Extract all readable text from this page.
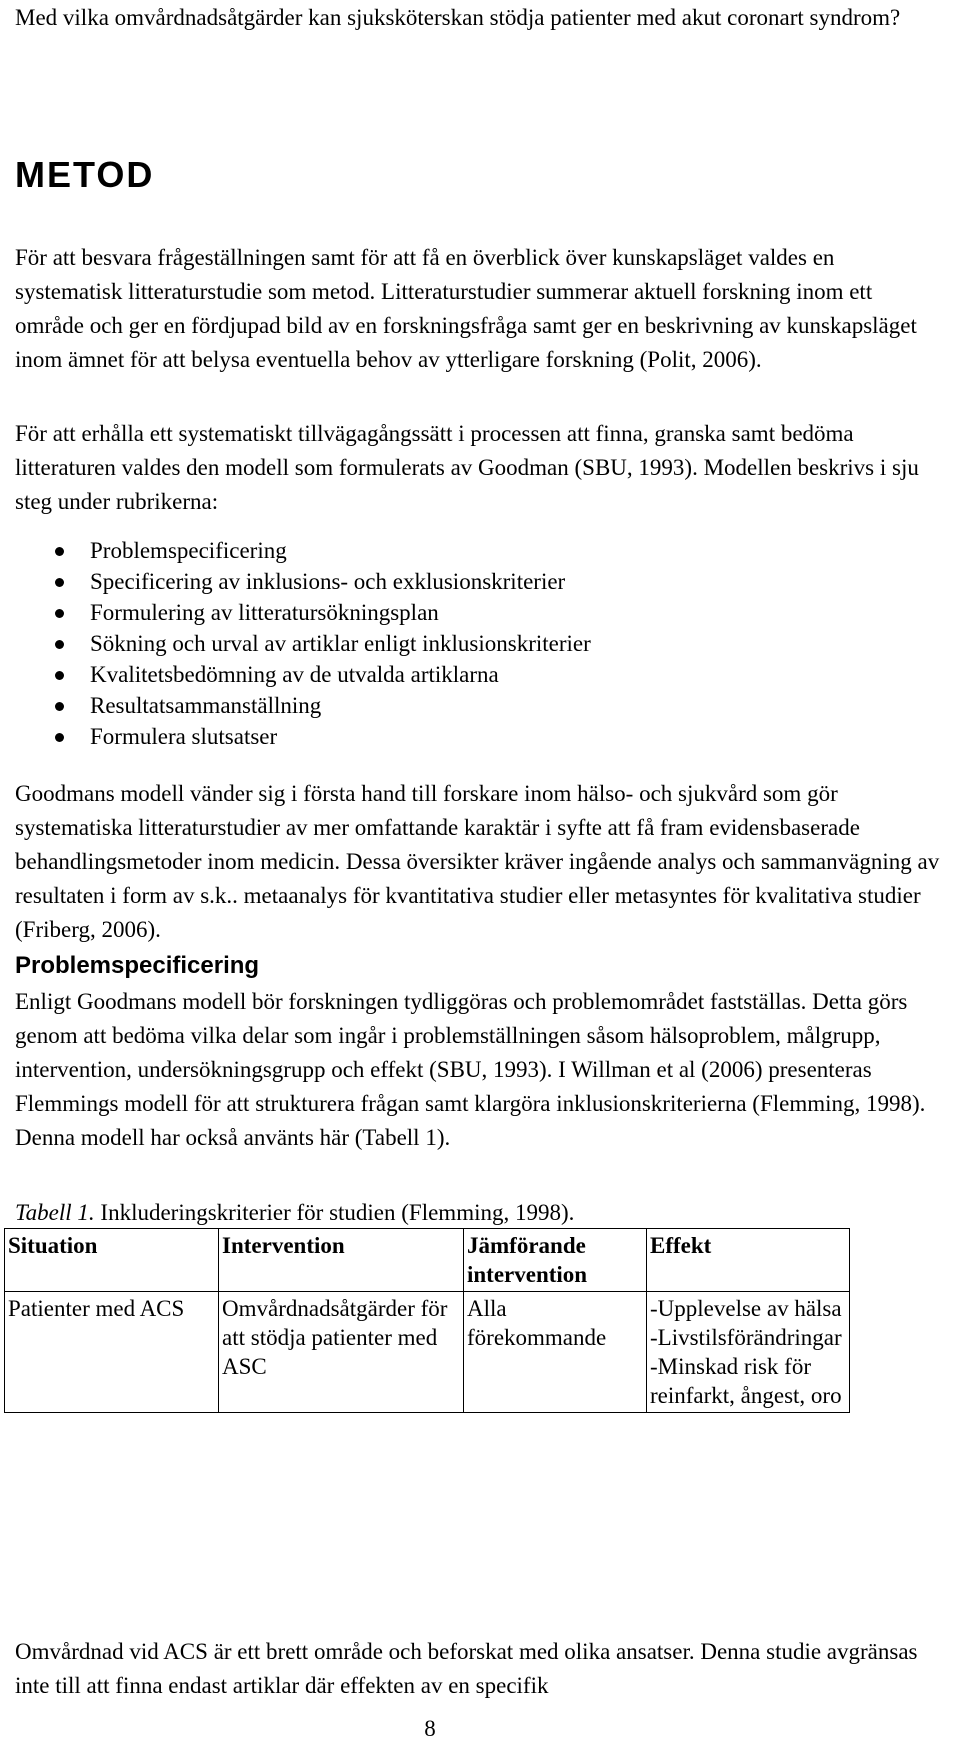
Med vilka omvårdnadsåtgärder kan sjuksköterskan stödja patienter med akut coronart syndrom?

METOD

För att besvara frågeställningen samt för att få en överblick över kunskapsläget valdes en systematisk litteraturstudie som metod. Litteraturstudier summerar aktuell forskning inom ett område och ger en fördjupad bild av en forskningsfråga samt ger en beskrivning av kunskapsläget inom ämnet för att belysa eventuella behov av ytterligare forskning (Polit, 2006).

För att erhålla ett systematiskt tillvägagångssätt i processen att finna, granska samt bedöma litteraturen valdes den modell som formulerats av Goodman (SBU, 1993). Modellen beskrivs i sju steg under rubrikerna:

Problemspecificering
Specificering av inklusions- och exklusionskriterier
Formulering av litteratursökningsplan
Sökning och urval av artiklar enligt inklusionskriterier
Kvalitetsbedömning av de utvalda artiklarna
Resultatsammanställning
Formulera slutsatser

Goodmans modell vänder sig i första hand till forskare inom hälso- och sjukvård som gör systematiska litteraturstudier av mer omfattande karaktär i syfte att få fram evidensbaserade behandlingsmetoder inom medicin. Dessa översikter kräver ingående analys och sammanvägning av resultaten i form av s.k.. metaanalys för kvantitativa studier eller metasyntes för kvalitativa studier (Friberg, 2006).

Problemspecificering

Enligt Goodmans modell bör forskningen tydliggöras och problemområdet fastställas. Detta görs genom att bedöma vilka delar som ingår i problemställningen såsom hälsoproblem, målgrupp, intervention, undersökningsgrupp och effekt (SBU, 1993). I Willman et al (2006) presenteras Flemmings modell för att strukturera frågan samt klargöra inklusionskriterierna (Flemming, 1998). Denna modell har också använts här (Tabell 1).

Tabell 1. Inkluderingskriterier för studien (Flemming, 1998).

Situation	Intervention	Jämförande intervention	Effekt
Patienter med ACS	Omvårdnadsåtgärder för att stödja patienter med ASC	Alla förekommande	-Upplevelse av hälsa
-Livstilsförändringar
-Minskad risk för reinfarkt, ångest, oro

Omvårdnad vid ACS är ett brett område och beforskat med olika ansatser. Denna studie avgränsas inte till att finna endast artiklar där effekten av en specifik

8
